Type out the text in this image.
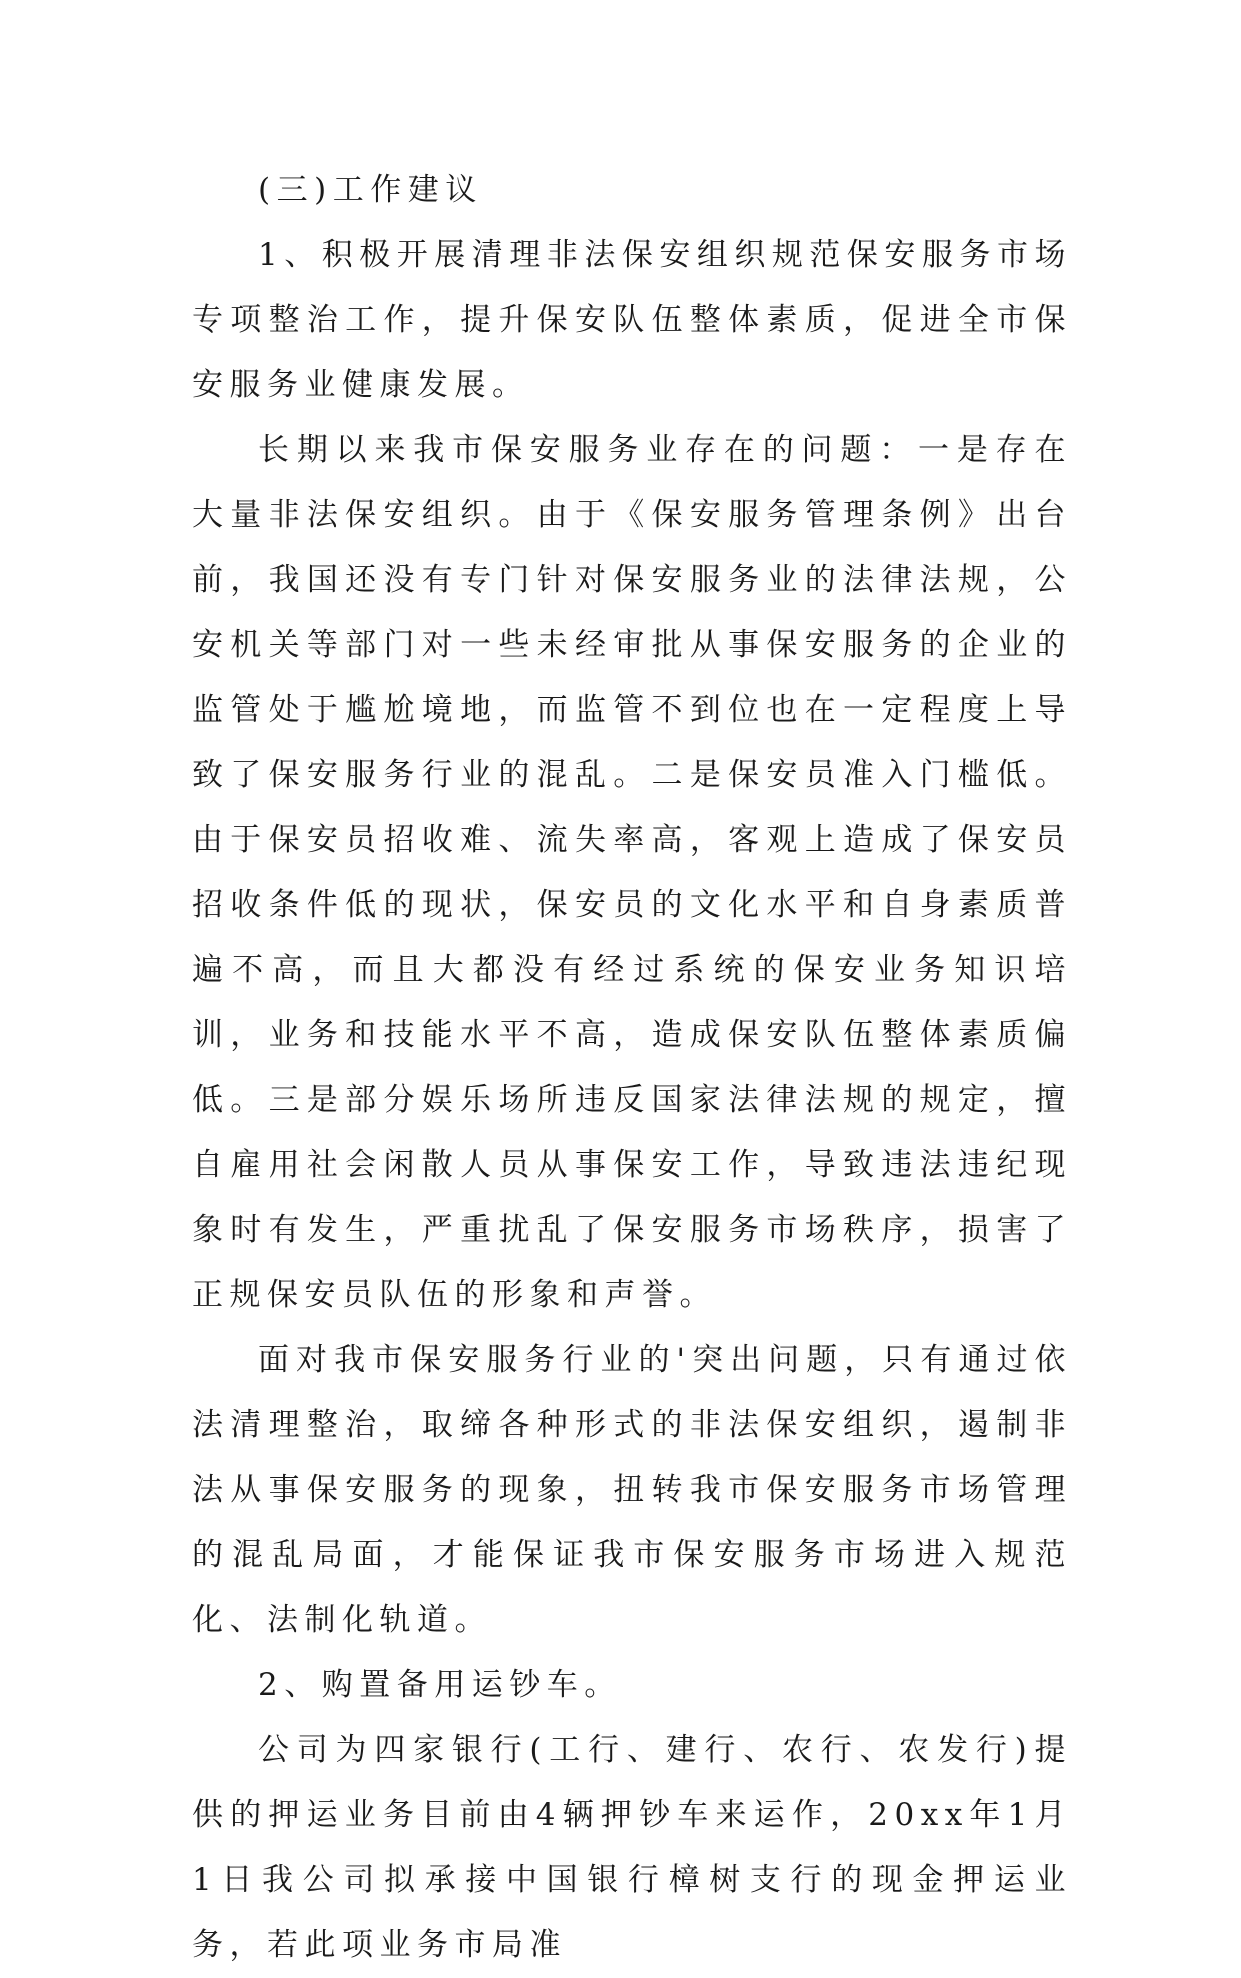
(三)工作建议

1、积极开展清理非法保安组织规范保安服务市场专项整治工作，提升保安队伍整体素质，促进全市保安服务业健康发展。

长期以来我市保安服务业存在的问题：一是存在大量非法保安组织。由于《保安服务管理条例》出台前，我国还没有专门针对保安服务业的法律法规，公安机关等部门对一些未经审批从事保安服务的企业的监管处于尴尬境地，而监管不到位也在一定程度上导致了保安服务行业的混乱。二是保安员准入门槛低。由于保安员招收难、流失率高，客观上造成了保安员招收条件低的现状，保安员的文化水平和自身素质普遍不高，而且大都没有经过系统的保安业务知识培训，业务和技能水平不高，造成保安队伍整体素质偏低。三是部分娱乐场所违反国家法律法规的规定，擅自雇用社会闲散人员从事保安工作，导致违法违纪现象时有发生，严重扰乱了保安服务市场秩序，损害了正规保安员队伍的形象和声誉。

面对我市保安服务行业的'突出问题，只有通过依法清理整治，取缔各种形式的非法保安组织，遏制非法从事保安服务的现象，扭转我市保安服务市场管理的混乱局面，才能保证我市保安服务市场进入规范化、法制化轨道。

2、购置备用运钞车。

公司为四家银行(工行、建行、农行、农发行)提供的押运业务目前由4辆押钞车来运作，20xx年1月1日我公司拟承接中国银行樟树支行的现金押运业务，若此项业务市局准
